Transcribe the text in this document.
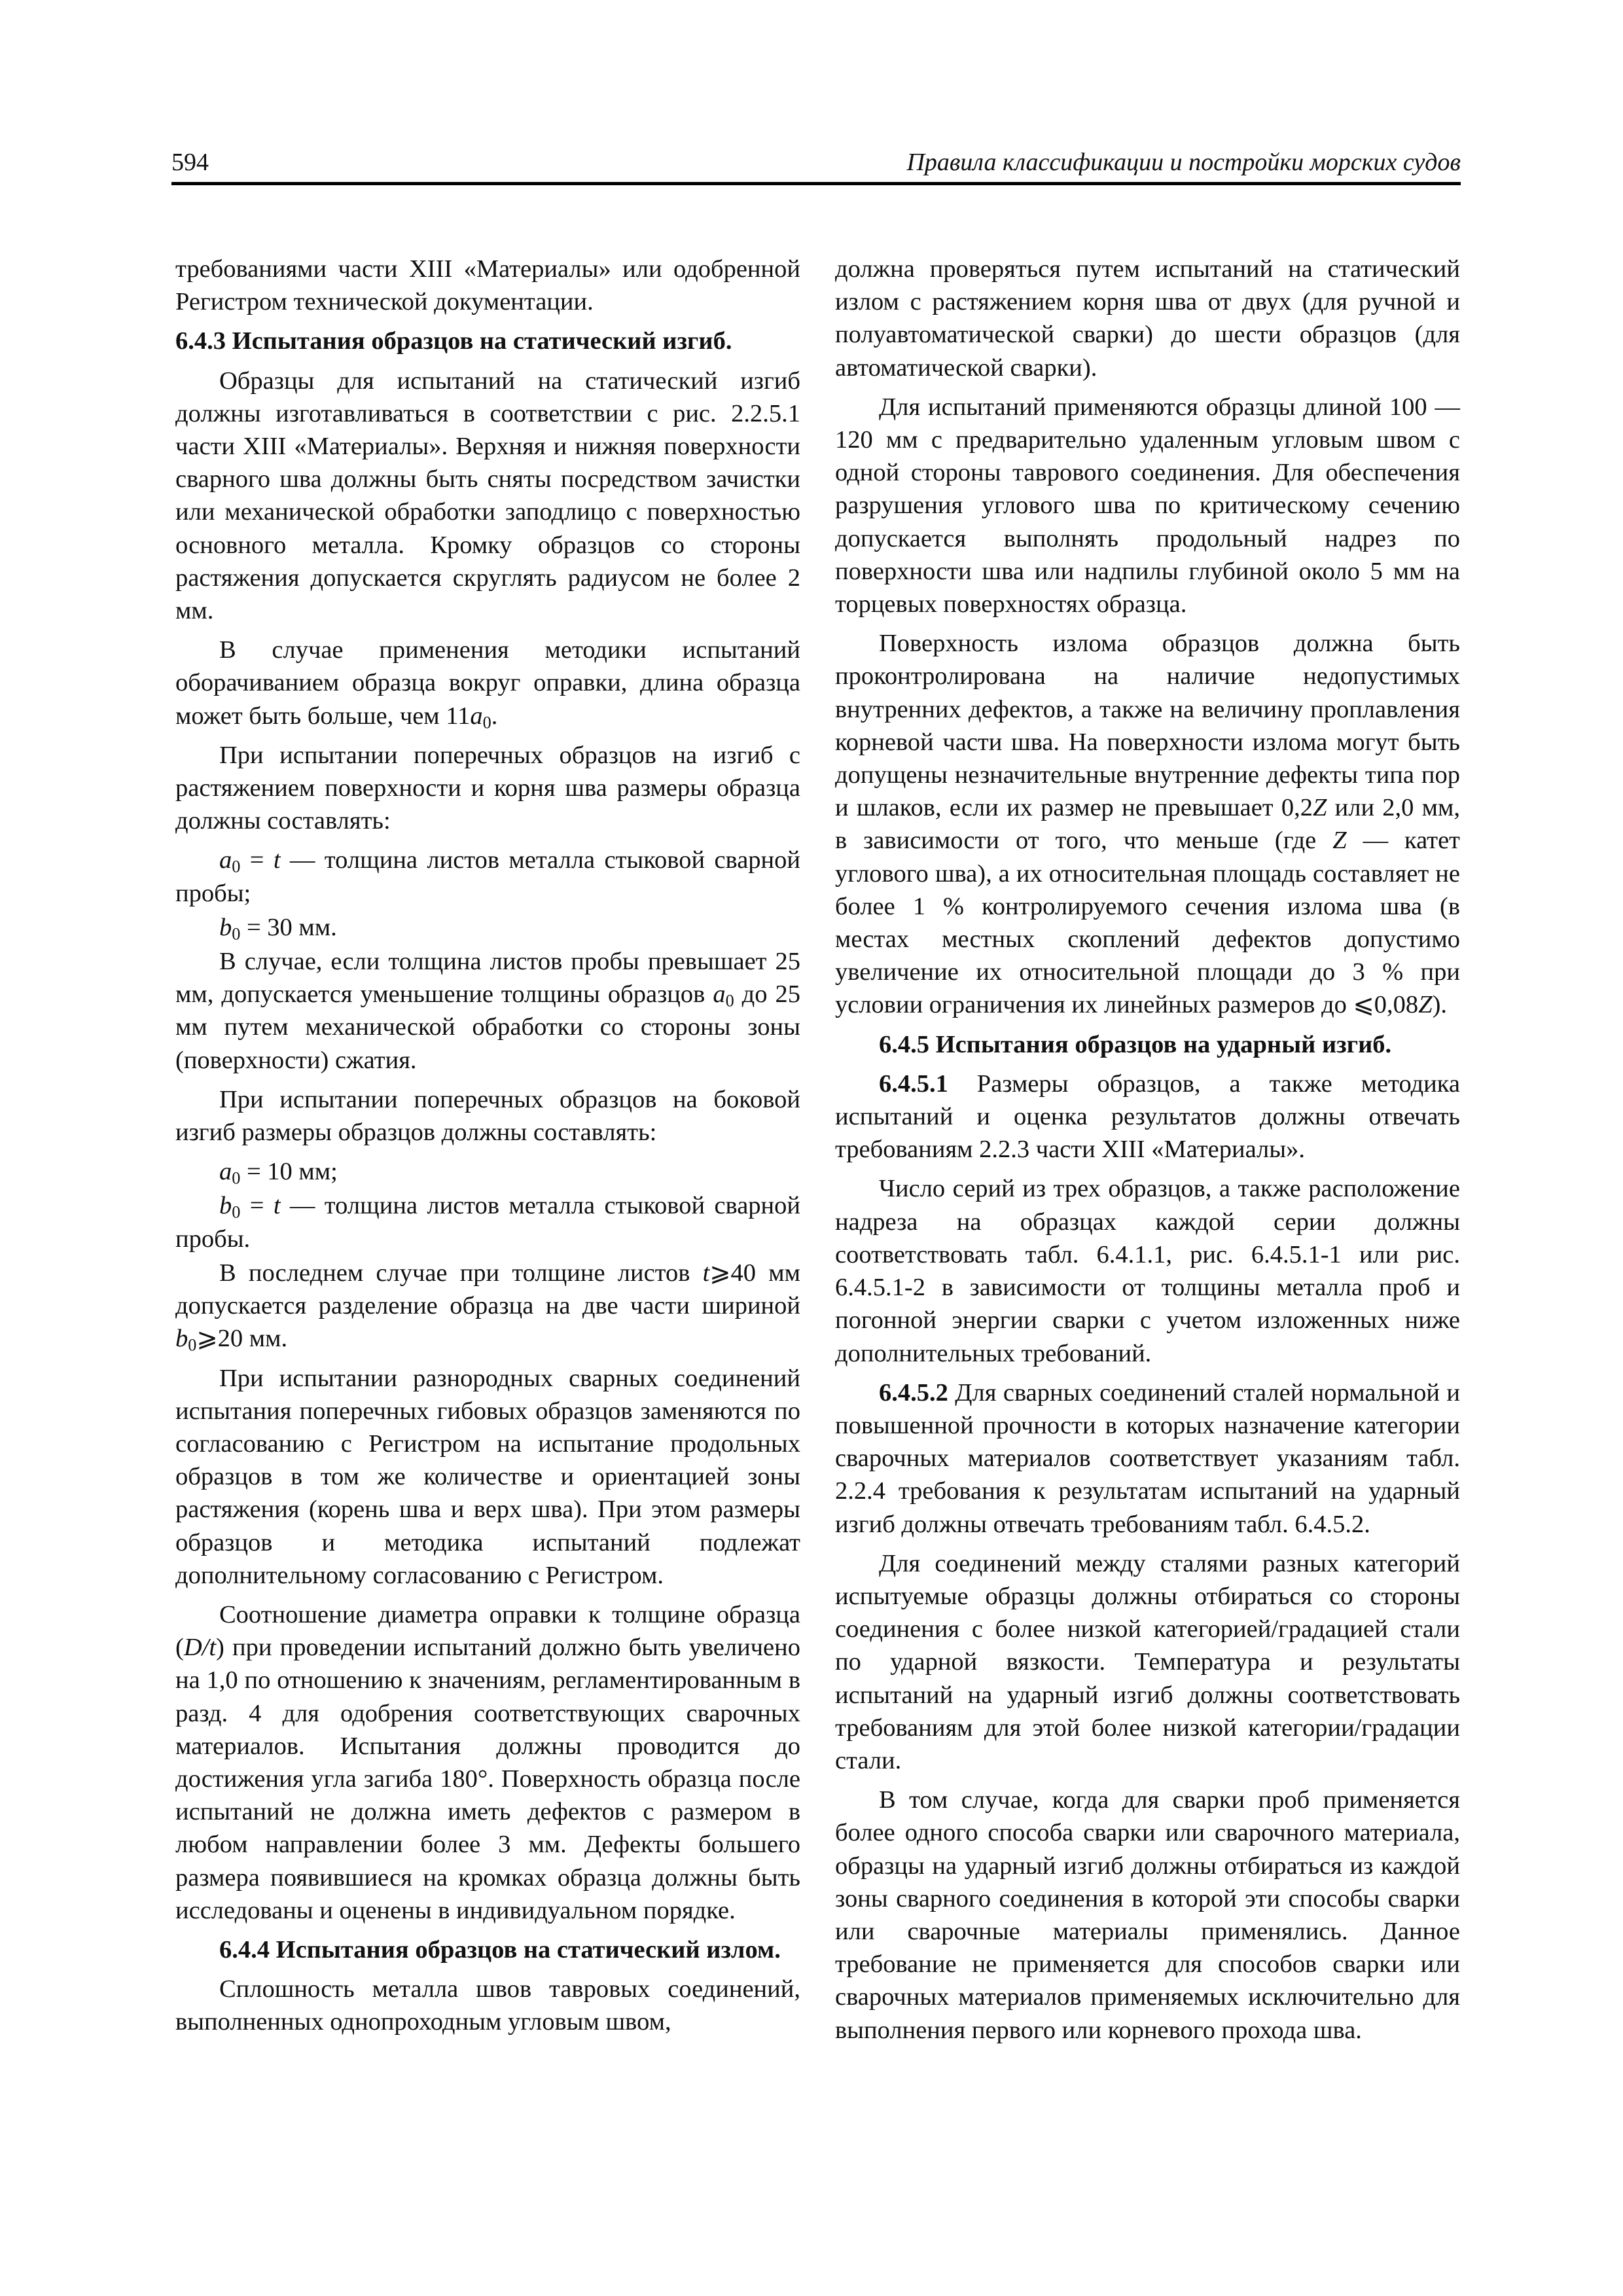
594	Правила классификации и постройки морских судов

требованиями части XIII «Материалы» или одобренной Регистром технической документации.

6.4.3 Испытания образцов на статический изгиб.

Образцы для испытаний на статический изгиб должны изготавливаться в соответствии с рис. 2.2.5.1 части XIII «Материалы». Верхняя и нижняя поверхности сварного шва должны быть сняты посредством зачистки или механической обработки заподлицо с поверхностью основного металла. Кромку образцов со стороны растяжения допускается скруглять радиусом не более 2 мм.

В случае применения методики испытаний оборачиванием образца вокруг оправки, длина образца может быть больше, чем $11a_0$.

При испытании поперечных образцов на изгиб с растяжением поверхности и корня шва размеры образца должны составлять:

$a_0 = t$ — толщина листов металла стыковой сварной пробы;

$b_0 = 30$ мм.

В случае, если толщина листов пробы превышает 25 мм, допускается уменьшение толщины образцов $a_0$ до 25 мм путем механической обработки со стороны зоны (поверхности) сжатия.

При испытании поперечных образцов на боковой изгиб размеры образцов должны составлять:

$a_0 = 10$ мм;

$b_0 = t$ — толщина листов металла стыковой сварной пробы.

В последнем случае при толщине листов t⩾40 мм допускается разделение образца на две части шириной $b_0⩾20$ мм.

При испытании разнородных сварных соединений испытания поперечных гибовых образцов заменяются по согласованию с Регистром на испытание продольных образцов в том же количестве и ориентацией зоны растяжения (корень шва и верх шва). При этом размеры образцов и методика испытаний подлежат дополнительному согласованию с Регистром.

Соотношение диаметра оправки к толщине образца (D/t) при проведении испытаний должно быть увеличено на 1,0 по отношению к значениям, регламентированным в разд. 4 для одобрения соответствующих сварочных материалов. Испытания должны проводится до достижения угла загиба 180°. Поверхность образца после испытаний не должна иметь дефектов с размером в любом направлении более 3 мм. Дефекты большего размера появившиеся на кромках образца должны быть исследованы и оценены в индивидуальном порядке.

6.4.4 Испытания образцов на статический излом.

Сплошность металла швов тавровых соединений, выполненных однопроходным угловым швом,

должна проверяться путем испытаний на статический излом с растяжением корня шва от двух (для ручной и полуавтоматической сварки) до шести образцов (для автоматической сварки).

Для испытаний применяются образцы длиной 100 — 120 мм с предварительно удаленным угловым швом с одной стороны таврового соединения. Для обеспечения разрушения углового шва по критическому сечению допускается выполнять продольный надрез по поверхности шва или надпилы глубиной около 5 мм на торцевых поверхностях образца.

Поверхность излома образцов должна быть проконтролирована на наличие недопустимых внутренних дефектов, а также на величину проплавления корневой части шва. На поверхности излома могут быть допущены незначительные внутренние дефекты типа пор и шлаков, если их размер не превышает 0,2Z или 2,0 мм, в зависимости от того, что меньше (где Z — катет углового шва), а их относительная площадь составляет не более 1 % контролируемого сечения излома шва (в местах местных скоплений дефектов допустимо увеличение их относительной площади до 3 % при условии ограничения их линейных размеров до ⩽0,08Z).

6.4.5 Испытания образцов на ударный изгиб.

6.4.5.1 Размеры образцов, а также методика испытаний и оценка результатов должны отвечать требованиям 2.2.3 части XIII «Материалы».

Число серий из трех образцов, а также расположение надреза на образцах каждой серии должны соответствовать табл. 6.4.1.1, рис. 6.4.5.1-1 или рис. 6.4.5.1-2 в зависимости от толщины металла проб и погонной энергии сварки с учетом изложенных ниже дополнительных требований.

6.4.5.2 Для сварных соединений сталей нормальной и повышенной прочности в которых назначение категории сварочных материалов соответствует указаниям табл. 2.2.4 требования к результатам испытаний на ударный изгиб должны отвечать требованиям табл. 6.4.5.2.

Для соединений между сталями разных категорий испытуемые образцы должны отбираться со стороны соединения с более низкой категорией/градацией стали по ударной вязкости. Температура и результаты испытаний на ударный изгиб должны соответствовать требованиям для этой более низкой категории/градации стали.

В том случае, когда для сварки проб применяется более одного способа сварки или сварочного материала, образцы на ударный изгиб должны отбираться из каждой зоны сварного соединения в которой эти способы сварки или сварочные материалы применялись. Данное требование не применяется для способов сварки или сварочных материалов применяемых исключительно для выполнения первого или корневого прохода шва.
